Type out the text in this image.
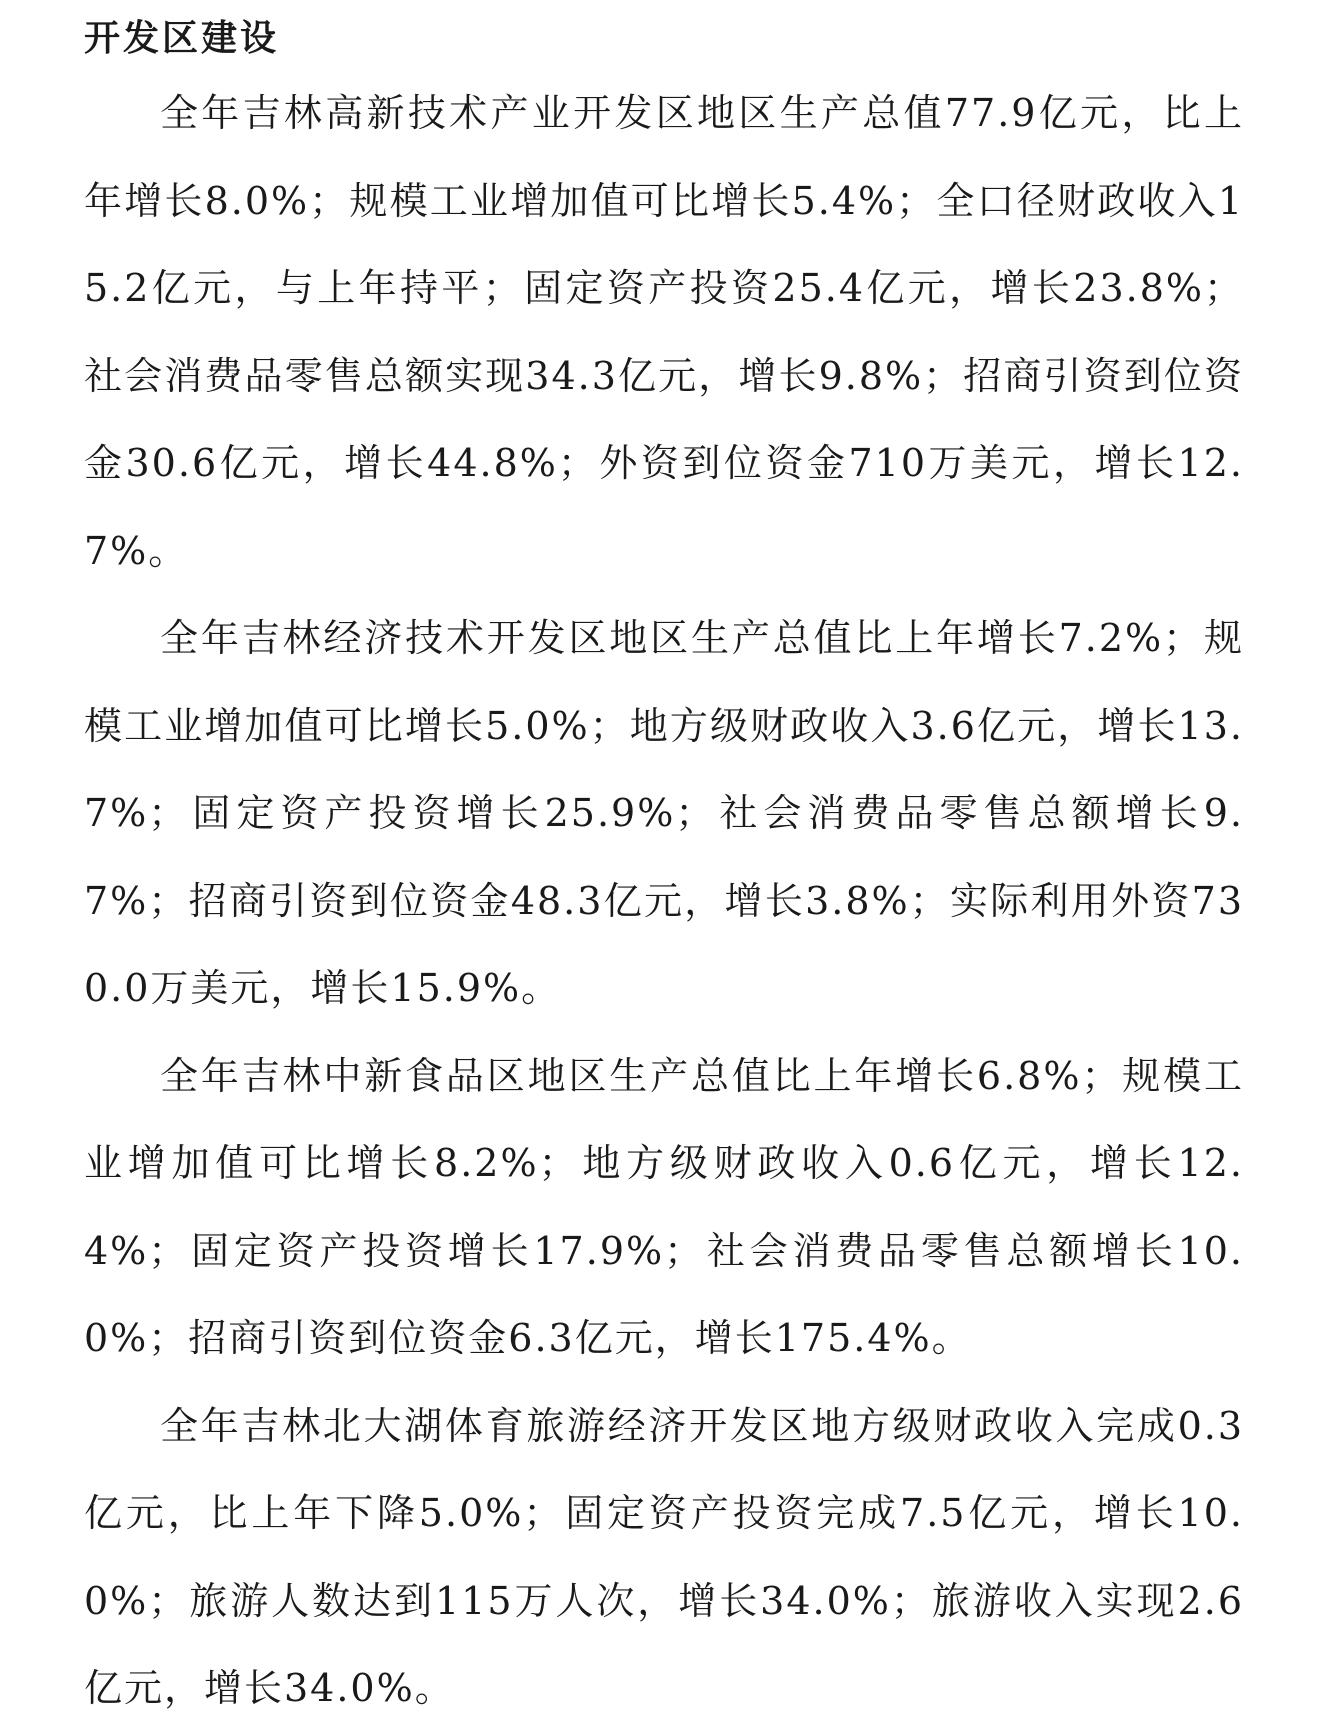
开发区建设

全年吉林高新技术产业开发区地区生产总值77.9亿元，比上年增长8.0%；规模工业增加值可比增长5.4%；全口径财政收入15.2亿元，与上年持平；固定资产投资25.4亿元，增长23.8%；社会消费品零售总额实现34.3亿元，增长9.8%；招商引资到位资金30.6亿元，增长44.8%；外资到位资金710万美元，增长12.7%。

全年吉林经济技术开发区地区生产总值比上年增长7.2%；规模工业增加值可比增长5.0%；地方级财政收入3.6亿元，增长13.7%；固定资产投资增长25.9%；社会消费品零售总额增长9.7%；招商引资到位资金48.3亿元，增长3.8%；实际利用外资730.0万美元，增长15.9%。

全年吉林中新食品区地区生产总值比上年增长6.8%；规模工业增加值可比增长8.2%；地方级财政收入0.6亿元，增长12.4%；固定资产投资增长17.9%；社会消费品零售总额增长10.0%；招商引资到位资金6.3亿元，增长175.4%。

全年吉林北大湖体育旅游经济开发区地方级财政收入完成0.3亿元，比上年下降5.0%；固定资产投资完成7.5亿元，增长10.0%；旅游人数达到115万人次，增长34.0%；旅游收入实现2.6亿元，增长34.0%。
